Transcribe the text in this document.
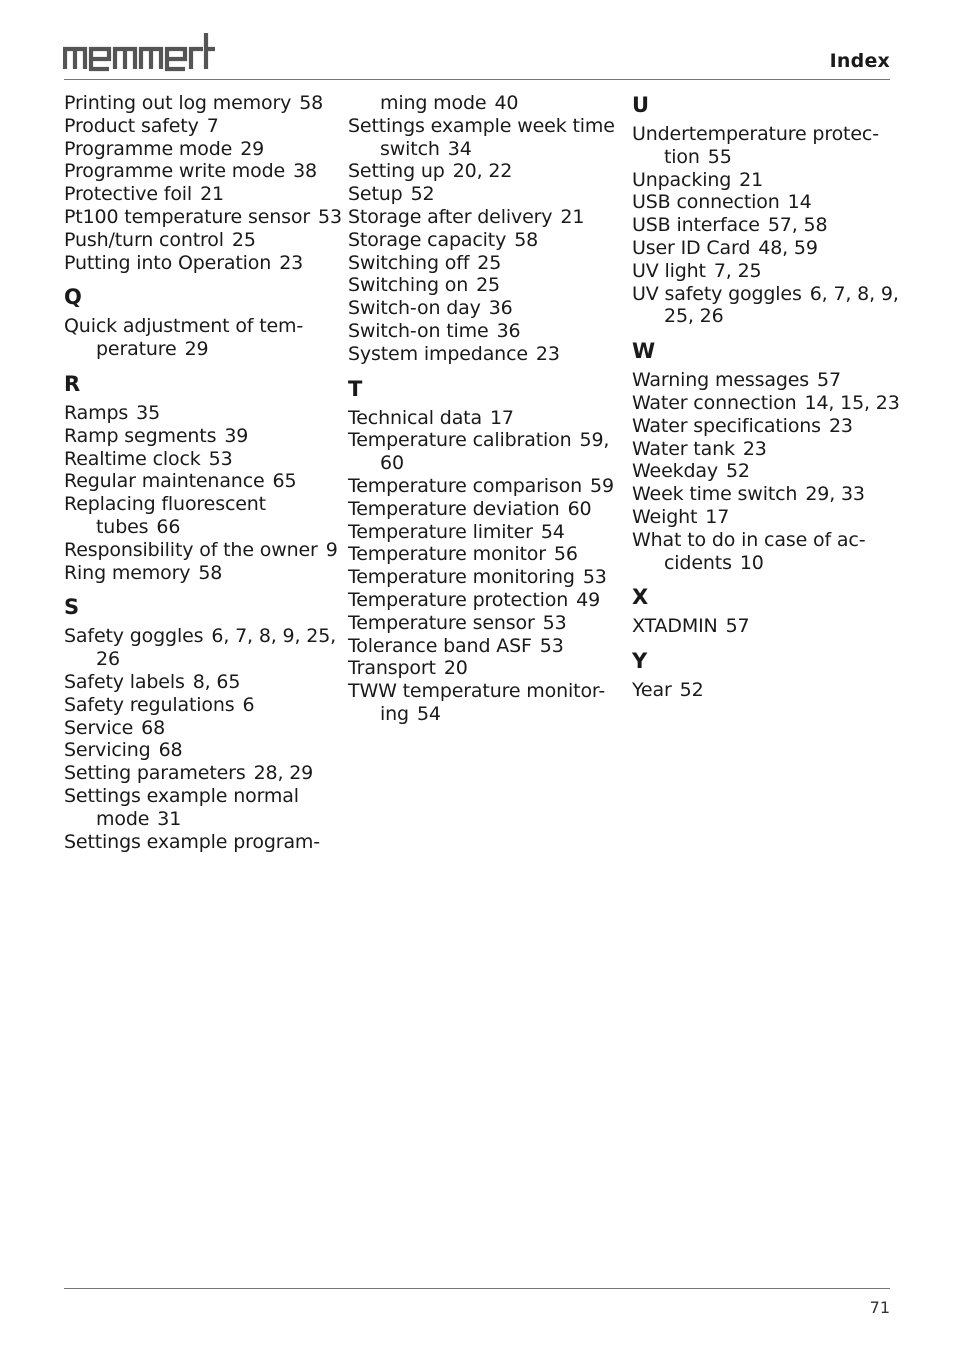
Index
Printing out log memory 58
Product safety 7
Programme mode 29
Programme write mode 38
Protective foil 21
Pt100 temperature sensor 53
Push/turn control 25
Putting into Operation 23
Q
Quick adjustment of tem-perature 29
R
Ramps 35
Ramp segments 39
Realtime clock 53
Regular maintenance 65
Replacing fluorescent tubes 66
Responsibility of the owner 9
Ring memory 58
S
Safety goggles 6, 7, 8, 9, 25, 26
Safety labels 8, 65
Safety regulations 6
Service 68
Servicing 68
Setting parameters 28, 29
Settings example normal mode 31
Settings example program-
ming mode 40
Settings example week time switch 34
Setting up 20, 22
Setup 52
Storage after delivery 21
Storage capacity 58
Switching off 25
Switching on 25
Switch-on day 36
Switch-on time 36
System impedance 23
T
Technical data 17
Temperature calibration 59, 60
Temperature comparison 59
Temperature deviation 60
Temperature limiter 54
Temperature monitor 56
Temperature monitoring 53
Temperature protection 49
Temperature sensor 53
Tolerance band ASF 53
Transport 20
TWW temperature monitor-ing 54
U
Undertemperature protec-tion 55
Unpacking 21
USB connection 14
USB interface 57, 58
User ID Card 48, 59
UV light 7, 25
UV safety goggles 6, 7, 8, 9, 25, 26
W
Warning messages 57
Water connection 14, 15, 23
Water specifications 23
Water tank 23
Weekday 52
Week time switch 29, 33
Weight 17
What to do in case of ac-cidents 10
X
XTADMIN 57
Y
Year 52
71
